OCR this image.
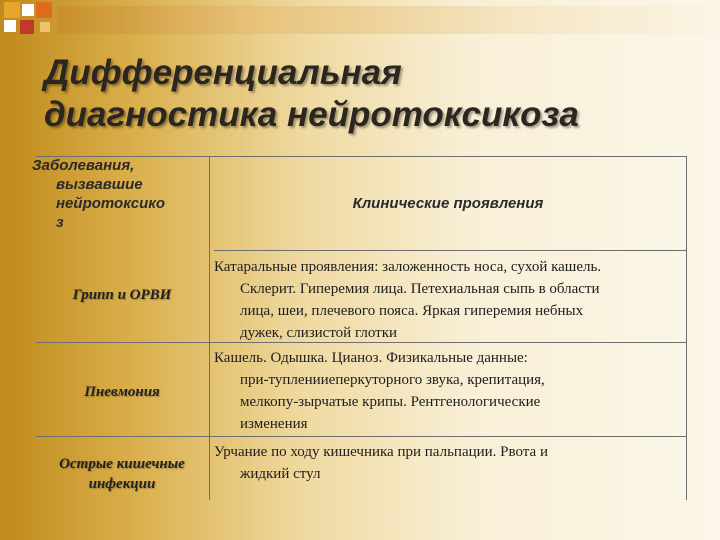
Дифференциальная
диагностика нейротоксикоза
Заболевания,
вызвавшие
нейротоксико
з
Клинические проявления
Грипп и ОРВИ
Катаральные проявления: заложенность носа, сухой кашель.
Склерит. Гиперемия лица. Петехиальная сыпь в области
лица, шеи, плечевого пояса. Яркая гиперемия небных
дужек, слизистой глотки
Пневмония
Кашель. Одышка. Цианоз. Физикальные данные:
при-тупленииеперкуторного звука, крепитация,
мелкопу-зырчатые крипы. Рентгенологические
изменения
Острые кишечные
инфекции
Урчание по ходу кишечника при пальпации. Рвота и
жидкий стул
